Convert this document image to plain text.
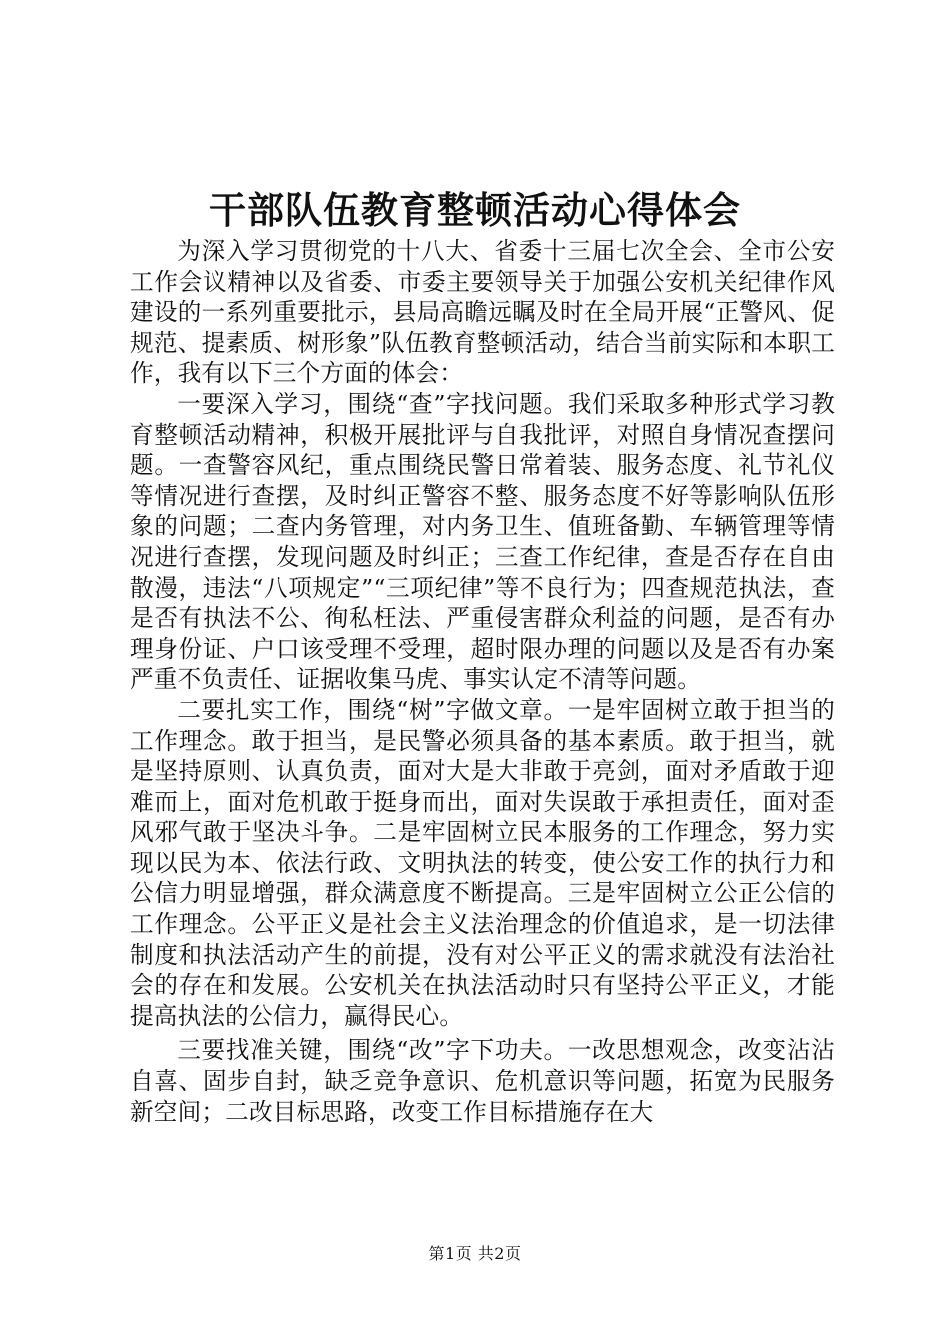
干部队伍教育整顿活动心得体会

为深入学习贯彻党的十八大、省委十三届七次全会、全市公安工作会议精神以及省委、市委主要领导关于加强公安机关纪律作风建设的一系列重要批示，县局高瞻远瞩及时在全局开展“正警风、促规范、提素质、树形象”队伍教育整顿活动，结合当前实际和本职工作，我有以下三个方面的体会：

一要深入学习，围绕“查”字找问题。我们采取多种形式学习教育整顿活动精神，积极开展批评与自我批评，对照自身情况查摆问题。一查警容风纪，重点围绕民警日常着装、服务态度、礼节礼仪等情况进行查摆，及时纠正警容不整、服务态度不好等影响队伍形象的问题；二查内务管理，对内务卫生、值班备勤、车辆管理等情况进行查摆，发现问题及时纠正；三查工作纪律，查是否存在自由散漫，违法“八项规定”“三项纪律”等不良行为；四查规范执法，查是否有执法不公、徇私枉法、严重侵害群众利益的问题，是否有办理身份证、户口该受理不受理，超时限办理的问题以及是否有办案严重不负责任、证据收集马虎、事实认定不清等问题。

二要扎实工作，围绕“树”字做文章。一是牢固树立敢于担当的工作理念。敢于担当，是民警必须具备的基本素质。敢于担当，就是坚持原则、认真负责，面对大是大非敢于亮剑，面对矛盾敢于迎难而上，面对危机敢于挺身而出，面对失误敢于承担责任，面对歪风邪气敢于坚决斗争。二是牢固树立民本服务的工作理念，努力实现以民为本、依法行政、文明执法的转变，使公安工作的执行力和公信力明显增强，群众满意度不断提高。三是牢固树立公正公信的工作理念。公平正义是社会主义法治理念的价值追求，是一切法律制度和执法活动产生的前提，没有对公平正义的需求就没有法治社会的存在和发展。公安机关在执法活动时只有坚持公平正义，才能提高执法的公信力，赢得民心。

三要找准关键，围绕“改”字下功夫。一改思想观念，改变沾沾自喜、固步自封，缺乏竞争意识、危机意识等问题，拓宽为民服务新空间；二改目标思路，改变工作目标措施存在大

第1页 共2页
